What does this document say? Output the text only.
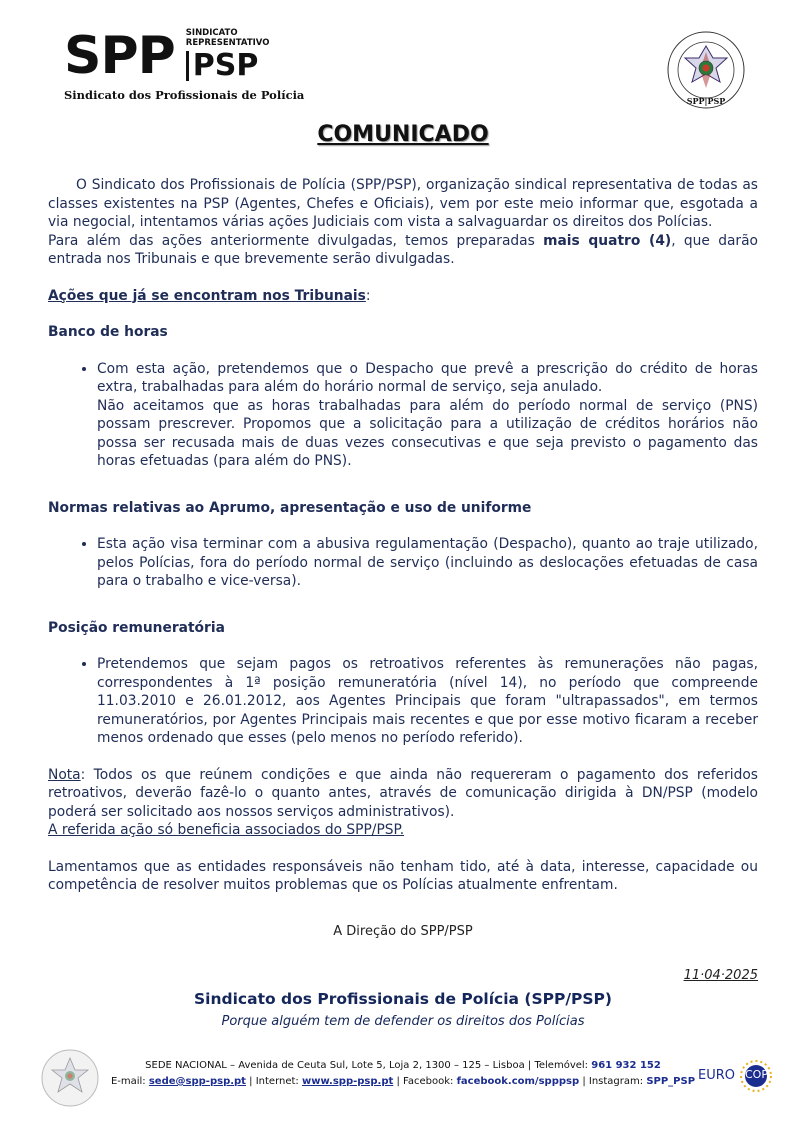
SPP SINDICATO
REPRESENTATIVO
PSP
Sindicato dos Profissionais de Polícia	SPP|PSP
COMUNICADO

O Sindicato dos Profissionais de Polícia (SPP/PSP), organização sindical representativa de todas as classes existentes na PSP (Agentes, Chefes e Oficiais), vem por este meio informar que, esgotada a via negocial, intentamos várias ações Judiciais com vista a salvaguardar os direitos dos Polícias.

Para além das ações anteriormente divulgadas, temos preparadas mais quatro (4), que darão entrada nos Tribunais e que brevemente serão divulgadas.

Ações que já se encontram nos Tribunais:

Banco de horas

• Com esta ação, pretendemos que o Despacho que prevê a prescrição do crédito de horas extra, trabalhadas para além do horário normal de serviço, seja anulado.
Não aceitamos que as horas trabalhadas para além do período normal de serviço (PNS) possam prescrever. Propomos que a solicitação para a utilização de créditos horários não possa ser recusada mais de duas vezes consecutivas e que seja previsto o pagamento das horas efetuadas (para além do PNS).

Normas relativas ao Aprumo, apresentação e uso de uniforme

• Esta ação visa terminar com a abusiva regulamentação (Despacho), quanto ao traje utilizado, pelos Polícias, fora do período normal de serviço (incluindo as deslocações efetuadas de casa para o trabalho e vice-versa).

Posição remuneratória

• Pretendemos que sejam pagos os retroativos referentes às remunerações não pagas, correspondentes à 1ª posição remuneratória (nível 14), no período que compreende 11.03.2010 e 26.01.2012, aos Agentes Principais que foram "ultrapassados", em termos remuneratórios, por Agentes Principais mais recentes e que por esse motivo ficaram a receber menos ordenado que esses (pelo menos no período referido).

Nota: Todos os que reúnem condições e que ainda não requereram o pagamento dos referidos retroativos, deverão fazê-lo o quanto antes, através de comunicação dirigida à DN/PSP (modelo poderá ser solicitado aos nossos serviços administrativos).

A referida ação só beneficia associados do SPP/PSP.

Lamentamos que as entidades responsáveis não tenham tido, até à data, interesse, capacidade ou competência de resolver muitos problemas que os Polícias atualmente enfrentam.

A Direção do SPP/PSP
11·04·2025
Sindicato dos Profissionais de Polícia (SPP/PSP)
Porque alguém tem de defender os direitos dos Polícias
SEDE NACIONAL – Avenida de Ceuta Sul, Lote 5, Loja 2, 1300 – 125 – Lisboa | Telemóvel: 961 932 152
E-mail: sede@spp-psp.pt | Internet: www.spp-psp.pt | Facebook: facebook.com/spppsp | Instagram: SPP_PSP EURO COP
